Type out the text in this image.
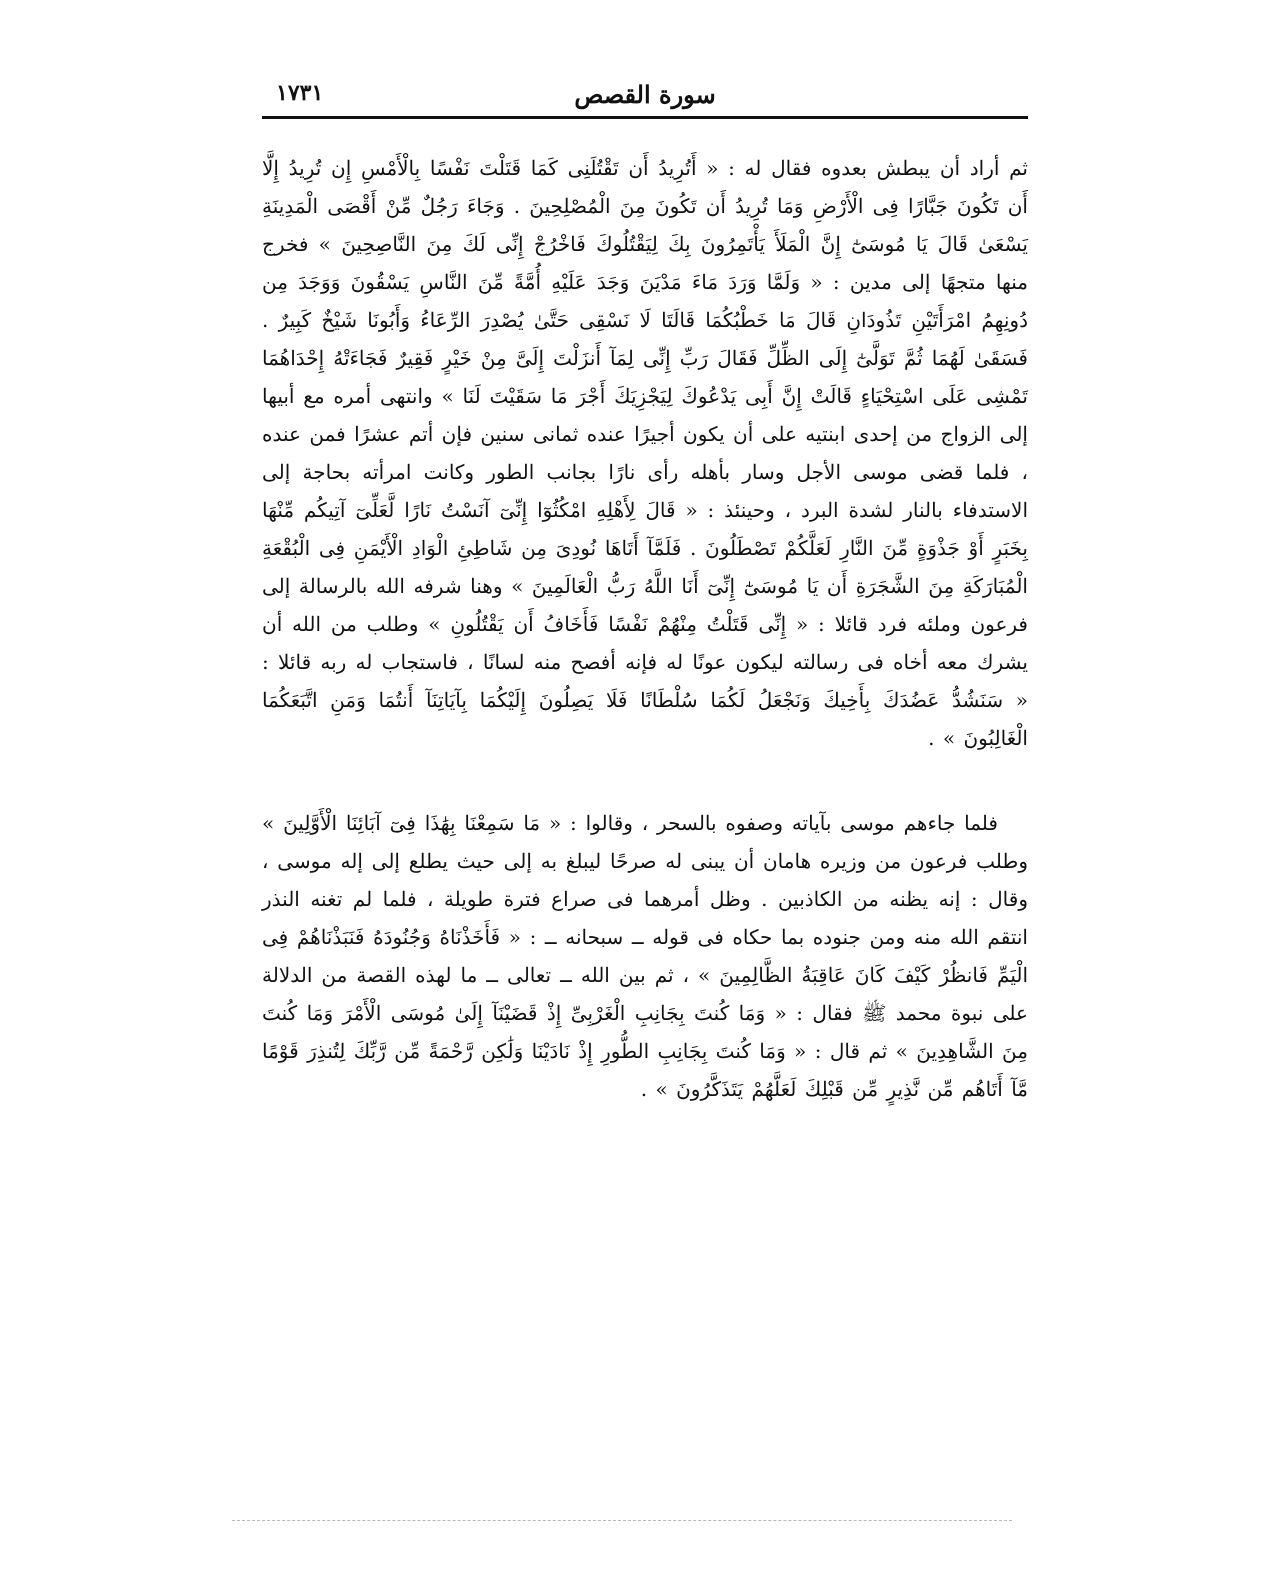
سورة القصص
١٧٣١

ثم أراد أن يبطش بعدوه فقال له : « أَتُرِيدُ أَن تَقْتُلَنِى كَمَا قَتَلْتَ نَفْسًا بِالْأَمْسِ إِن تُرِيدُ إِلَّا أَن تَكُونَ جَبَّارًا فِى الْأَرْضِ وَمَا تُرِيدُ أَن تَكُونَ مِنَ الْمُصْلِحِينَ . وَجَاءَ رَجُلٌ مِّنْ أَقْصَى الْمَدِينَةِ يَسْعَىٰ قَالَ يَا مُوسَىٰٓ إِنَّ الْمَلَأَ يَأْتَمِرُونَ بِكَ لِيَقْتُلُوكَ فَاخْرُجْ إِنِّى لَكَ مِنَ النَّاصِحِينَ » فخرج منها متجهًا إلى مدين : « وَلَمَّا وَرَدَ مَاءَ مَدْيَنَ وَجَدَ عَلَيْهِ أُمَّةً مِّنَ النَّاسِ يَسْقُونَ وَوَجَدَ مِن دُونِهِمُ امْرَأَتَيْنِ تَذُودَانِ قَالَ مَا خَطْبُكُمَا قَالَتَا لَا نَسْقِى حَتَّىٰ يُصْدِرَ الرِّعَاءُ وَأَبُونَا شَيْخٌ كَبِيرٌ . فَسَقَىٰ لَهُمَا ثُمَّ تَوَلَّىٰٓ إِلَى الظِّلِّ فَقَالَ رَبِّ إِنِّى لِمَآ أَنزَلْتَ إِلَىَّ مِنْ خَيْرٍ فَقِيرٌ فَجَاءَتْهُ إِحْدَاهُمَا تَمْشِى عَلَى اسْتِحْيَاءٍ قَالَتْ إِنَّ أَبِى يَدْعُوكَ لِيَجْزِيَكَ أَجْرَ مَا سَقَيْتَ لَنَا » وانتهى أمره مع أبيها إلى الزواج من إحدى ابنتيه على أن يكون أجيرًا عنده ثمانى سنين فإن أتم عشرًا فمن عنده ، فلما قضى موسى الأجل وسار بأهله رأى نارًا بجانب الطور وكانت امرأته بحاجة إلى الاستدفاء بالنار لشدة البرد ، وحينئذ : « قَالَ لِأَهْلِهِ امْكُثُوٓا إِنِّىٓ آنَسْتُ نَارًا لَّعَلِّىٓ آتِيكُم مِّنْهَا بِخَبَرٍ أَوْ جَذْوَةٍ مِّنَ النَّارِ لَعَلَّكُمْ تَصْطَلُونَ . فَلَمَّآ أَتَاهَا نُودِىَ مِن شَاطِئِ الْوَادِ الْأَيْمَنِ فِى الْبُقْعَةِ الْمُبَارَكَةِ مِنَ الشَّجَرَةِ أَن يَا مُوسَىٰٓ إِنِّىٓ أَنَا اللَّهُ رَبُّ الْعَالَمِينَ » وهنا شرفه الله بالرسالة إلى فرعون وملئه فرد قائلا : « إِنِّى قَتَلْتُ مِنْهُمْ نَفْسًا فَأَخَافُ أَن يَقْتُلُونِ » وطلب من الله أن يشرك معه أخاه فى رسالته ليكون عونًا له فإنه أفصح منه لسانًا ، فاستجاب له ربه قائلا : « سَنَشُدُّ عَضُدَكَ بِأَخِيكَ وَنَجْعَلُ لَكُمَا سُلْطَانًا فَلَا يَصِلُونَ إِلَيْكُمَا بِآيَاتِنَآ أَنتُمَا وَمَنِ اتَّبَعَكُمَا الْغَالِبُونَ » .

فلما جاءهم موسى بآياته وصفوه بالسحر ، وقالوا : « مَا سَمِعْنَا بِهَٰذَا فِىٓ آبَائِنَا الْأَوَّلِينَ » وطلب فرعون من وزيره هامان أن يبنى له صرحًا ليبلغ به إلى حيث يطلع إلى إله موسى ، وقال : إنه يظنه من الكاذبين . وظل أمرهما فى صراع فترة طويلة ، فلما لم تغنه النذر انتقم الله منه ومن جنوده بما حكاه فى قوله ــ سبحانه ــ : « فَأَخَذْنَاهُ وَجُنُودَهُ فَنَبَذْنَاهُمْ فِى الْيَمِّ فَانظُرْ كَيْفَ كَانَ عَاقِبَةُ الظَّالِمِينَ » ، ثم بين الله ــ تعالى ــ ما لهذه القصة من الدلالة على نبوة محمد ﷺ فقال : « وَمَا كُنتَ بِجَانِبِ الْغَرْبِىِّ إِذْ قَضَيْنَآ إِلَىٰ مُوسَى الْأَمْرَ وَمَا كُنتَ مِنَ الشَّاهِدِينَ » ثم قال : « وَمَا كُنتَ بِجَانِبِ الطُّورِ إِذْ نَادَيْنَا وَلَٰكِن رَّحْمَةً مِّن رَّبِّكَ لِتُنذِرَ قَوْمًا مَّآ أَتَاهُم مِّن نَّذِيرٍ مِّن قَبْلِكَ لَعَلَّهُمْ يَتَذَكَّرُونَ » .
